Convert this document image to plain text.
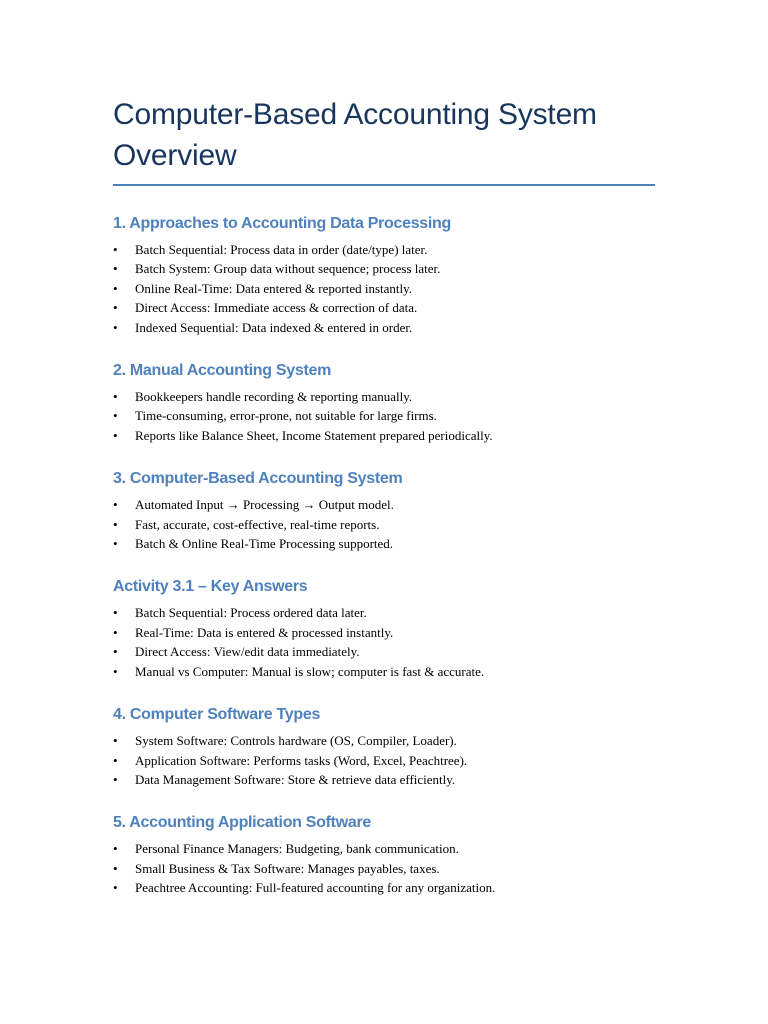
Computer-Based Accounting System Overview
1. Approaches to Accounting Data Processing
•	Batch Sequential: Process data in order (date/type) later.
•	Batch System: Group data without sequence; process later.
•	Online Real-Time: Data entered & reported instantly.
•	Direct Access: Immediate access & correction of data.
•	Indexed Sequential: Data indexed & entered in order.
2. Manual Accounting System
•	Bookkeepers handle recording & reporting manually.
•	Time-consuming, error-prone, not suitable for large firms.
•	Reports like Balance Sheet, Income Statement prepared periodically.
3. Computer-Based Accounting System
•	Automated Input → Processing → Output model.
•	Fast, accurate, cost-effective, real-time reports.
•	Batch & Online Real-Time Processing supported.
Activity 3.1 – Key Answers
•	Batch Sequential: Process ordered data later.
•	Real-Time: Data is entered & processed instantly.
•	Direct Access: View/edit data immediately.
•	Manual vs Computer: Manual is slow; computer is fast & accurate.
4. Computer Software Types
•	System Software: Controls hardware (OS, Compiler, Loader).
•	Application Software: Performs tasks (Word, Excel, Peachtree).
•	Data Management Software: Store & retrieve data efficiently.
5. Accounting Application Software
•	Personal Finance Managers: Budgeting, bank communication.
•	Small Business & Tax Software: Manages payables, taxes.
•	Peachtree Accounting: Full-featured accounting for any organization.
